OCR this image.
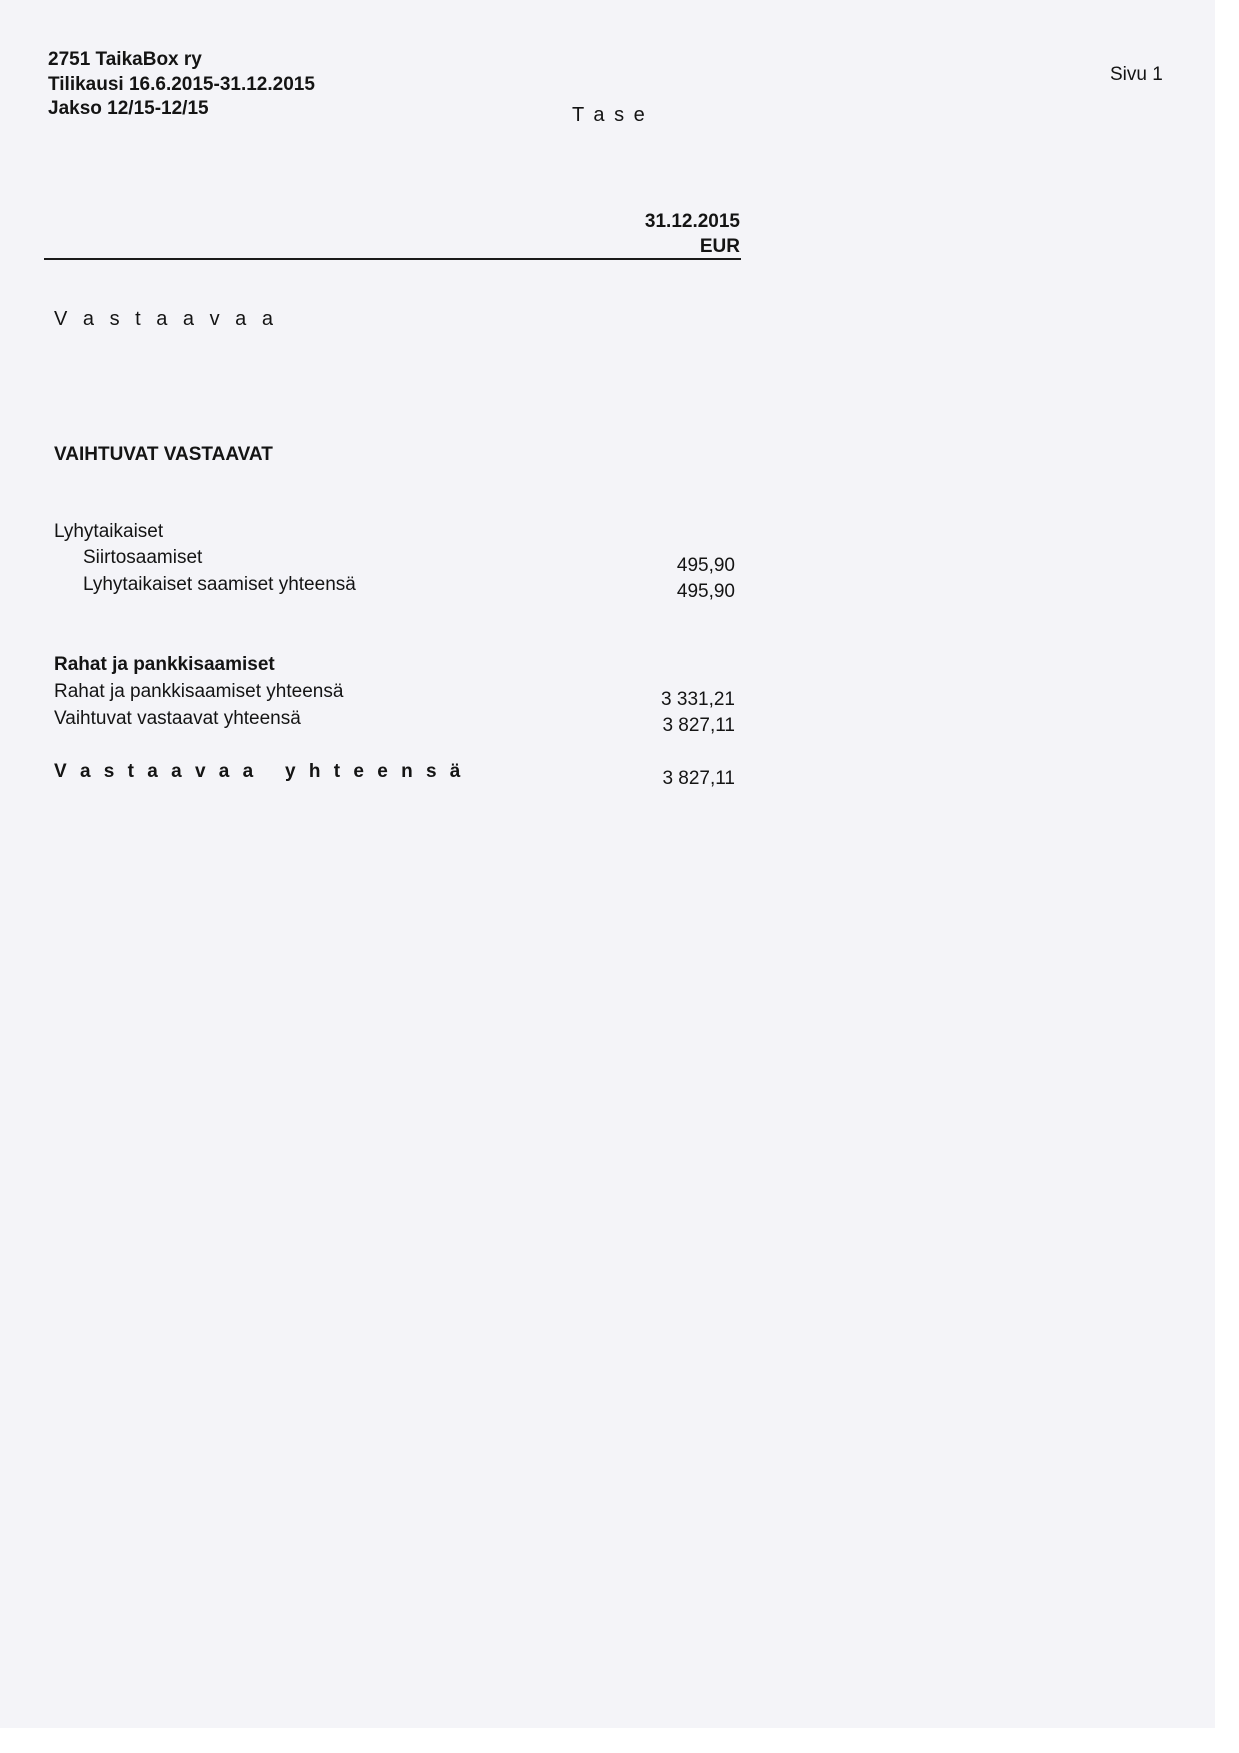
2751 TaikaBox ry
Tilikausi 16.6.2015-31.12.2015
Jakso 12/15-12/15	T a s e
Sivu 1
31.12.2015
EUR
V a s t a a v a a
VAIHTUVAT VASTAAVAT
Lyhytaikaiset
Siirtosaamiset	495,90
Lyhytaikaiset saamiset yhteensä	495,90
Rahat ja pankkisaamiset
Rahat ja pankkisaamiset yhteensä	3 331,21
Vaihtuvat vastaavat yhteensä	3 827,11
V a s t a a v a a   y h t e e n s ä	3 827,11
